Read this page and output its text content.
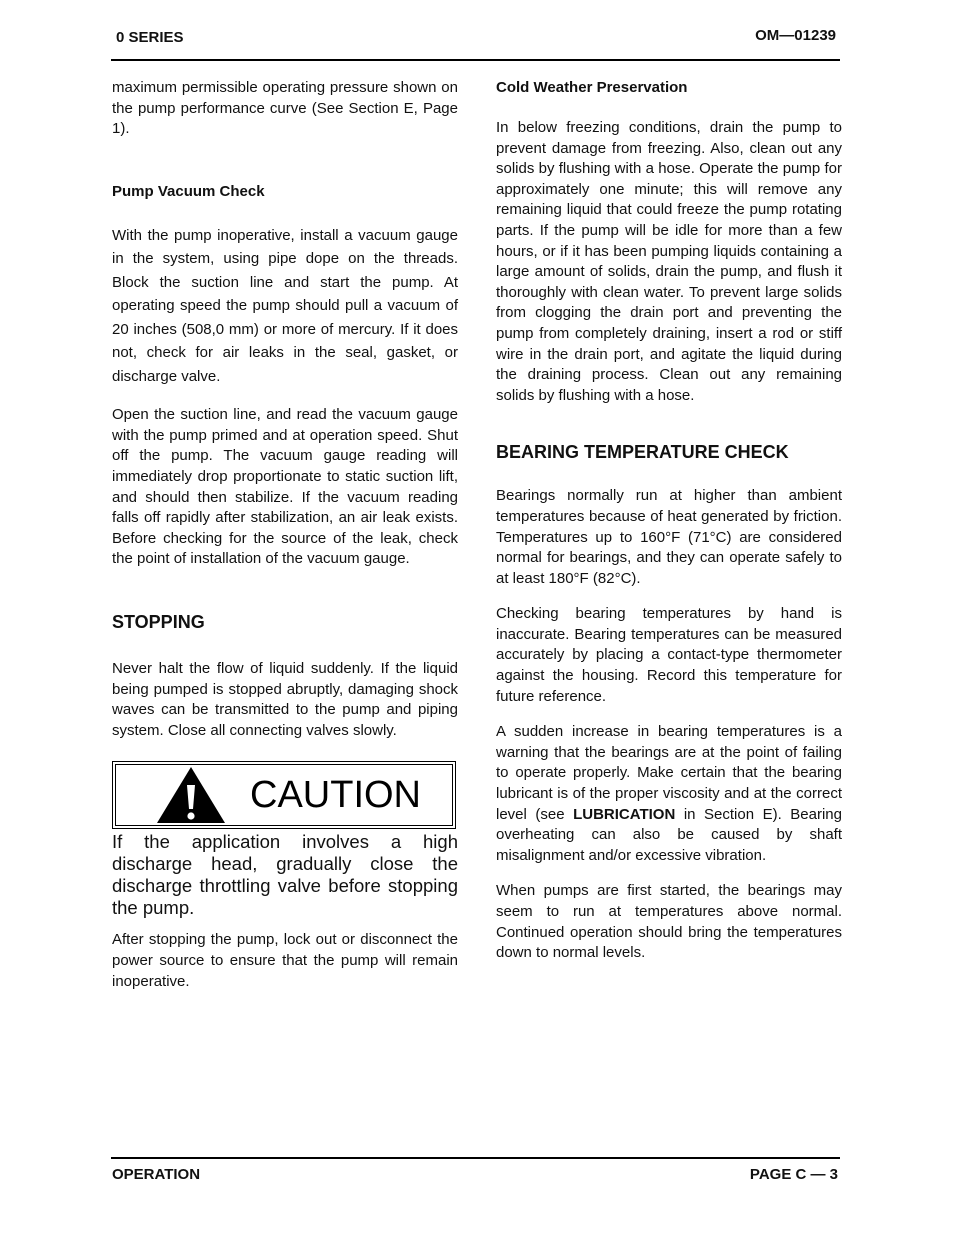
0 SERIES	OM—01239

maximum permissible operating pressure shown on the pump performance curve (See Section E, Page 1).

Pump Vacuum Check

With the pump inoperative, install a vacuum gauge in the system, using pipe dope on the threads. Block the suction line and start the pump. At operating speed the pump should pull a vacuum of 20 inches (508,0 mm) or more of mercury. If it does not, check for air leaks in the seal, gasket, or discharge valve.

Open the suction line, and read the vacuum gauge with the pump primed and at operation speed. Shut off the pump. The vacuum gauge reading will immediately drop proportionate to static suction lift, and should then stabilize. If the vacuum reading falls off rapidly after stabilization, an air leak exists. Before checking for the source of the leak, check the point of installation of the vacuum gauge.

STOPPING

Never halt the flow of liquid suddenly. If the liquid being pumped is stopped abruptly, damaging shock waves can be transmitted to the pump and piping system. Close all connecting valves slowly.

CAUTION

If the application involves a high discharge head, gradually close the discharge throttling valve before stopping the pump.

After stopping the pump, lock out or disconnect the power source to ensure that the pump will remain inoperative.

Cold Weather Preservation

In below freezing conditions, drain the pump to prevent damage from freezing. Also, clean out any solids by flushing with a hose. Operate the pump for approximately one minute; this will remove any remaining liquid that could freeze the pump rotating parts. If the pump will be idle for more than a few hours, or if it has been pumping liquids containing a large amount of solids, drain the pump, and flush it thoroughly with clean water. To prevent large solids from clogging the drain port and preventing the pump from completely draining, insert a rod or stiff wire in the drain port, and agitate the liquid during the draining process. Clean out any remaining solids by flushing with a hose.

BEARING TEMPERATURE CHECK

Bearings normally run at higher than ambient temperatures because of heat generated by friction. Temperatures up to 160°F (71°C) are considered normal for bearings, and they can operate safely to at least 180°F (82°C).

Checking bearing temperatures by hand is inaccurate. Bearing temperatures can be measured accurately by placing a contact-type thermometer against the housing. Record this temperature for future reference.

A sudden increase in bearing temperatures is a warning that the bearings are at the point of failing to operate properly. Make certain that the bearing lubricant is of the proper viscosity and at the correct level (see LUBRICATION in Section E). Bearing overheating can also be caused by shaft misalignment and/or excessive vibration.

When pumps are first started, the bearings may seem to run at temperatures above normal. Continued operation should bring the temperatures down to normal levels.

OPERATION	PAGE C — 3
